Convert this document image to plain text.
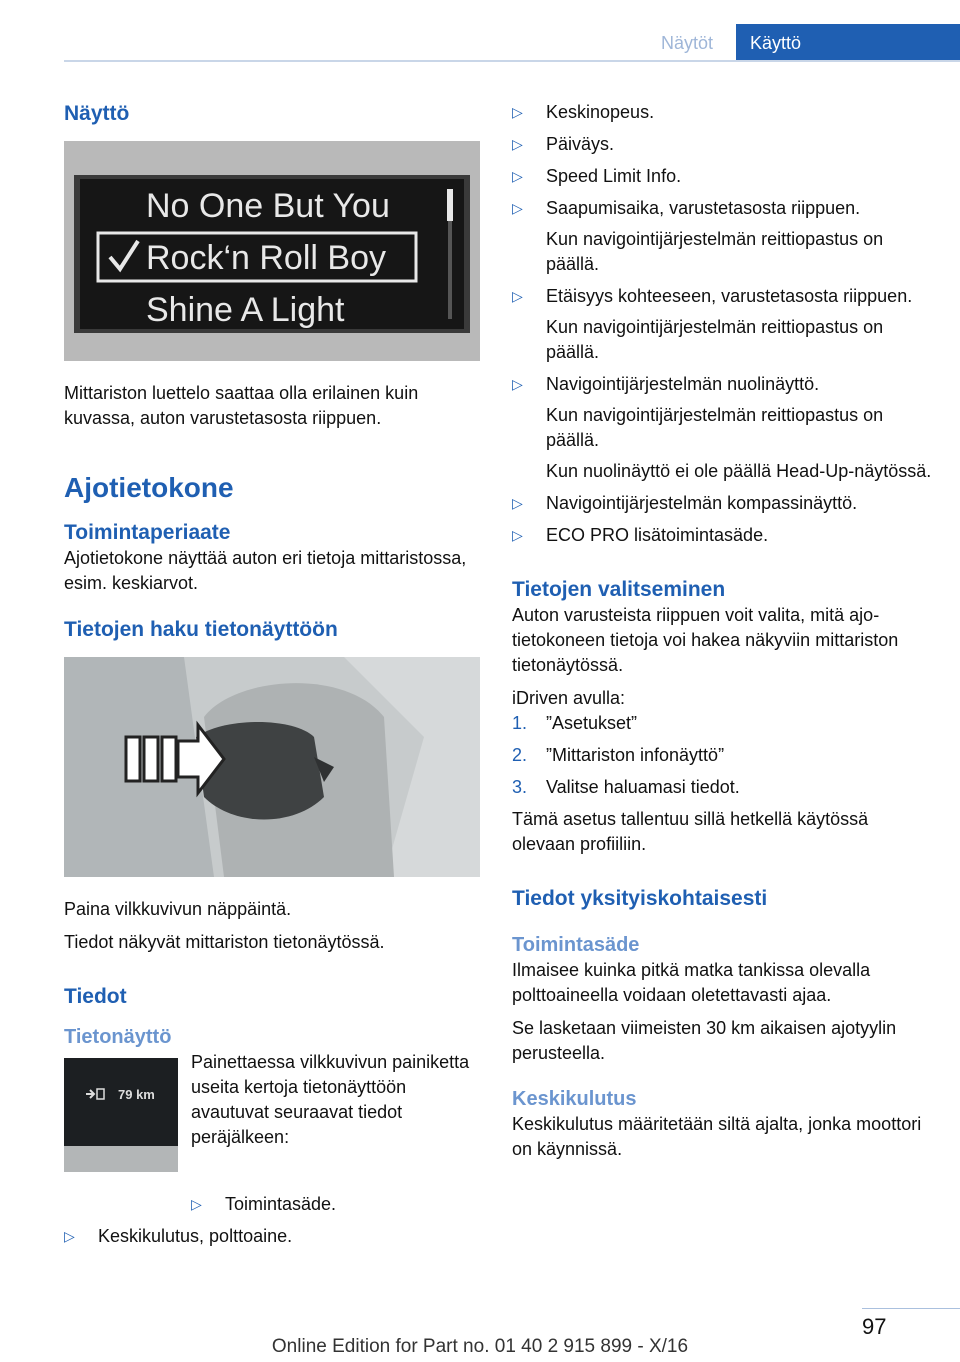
Näytöt	Käyttö
Näyttö
No One But You
Rock‘n Roll Boy
Shine A Light

Mittariston luettelo saattaa olla erilainen kuin kuvassa, auton varustetasosta riippuen.

Ajotietokone
Toimintaperiaate

Ajotietokone näyttää auton eri tietoja mittaristossa, esim. keskiarvot.

Tietojen haku tietonäyttöön

Paina vilkkuvivun näppäintä.

Tiedot näkyvät mittariston tietonäytössä.

Tiedot
Tietonäyttö
79 km

Painettaessa vilkkuvivun painiketta useita kertoja tietonäyttöön avautuvat seuraavat tiedot peräjälkeen:

▷ Toimintasäde.
▷ Keskikulutus, polttoaine.
▷ Keskinopeus.
▷ Päiväys.
▷ Speed Limit Info.
▷ Saapumisaika, varustetasosta riippuen.
Kun navigointijärjestelmän reittiopastus on päällä.
▷ Etäisyys kohteeseen, varustetasosta riippuen.
Kun navigointijärjestelmän reittiopastus on päällä.
▷ Navigointijärjestelmän nuolinäyttö.
Kun navigointijärjestelmän reittiopastus on päällä.
Kun nuolinäyttö ei ole päällä Head-Up-näytössä.
▷ Navigointijärjestelmän kompassinäyttö.
▷ ECO PRO lisätoimintasäde.
Tietojen valitseminen

Auton varusteista riippuen voit valita, mitä ajotietokoneen tietoja voi hakea näkyviin mittariston tietonäytössä.

iDriven avulla:

1. ”Asetukset”
2. ”Mittariston infonäyttö”
3. Valitse haluamasi tiedot.

Tämä asetus tallentuu sillä hetkellä käytössä olevaan profiiliin.

Tiedot yksityiskohtaisesti
Toimintasäde

Ilmaisee kuinka pitkä matka tankissa olevalla polttoaineella voidaan oletettavasti ajaa.

Se lasketaan viimeisten 30 km aikaisen ajotyylin perusteella.

Keskikulutus

Keskikulutus määritetään siltä ajalta, jonka moottori on käynnissä.

97
Online Edition for Part no. 01 40 2 915 899 - X/16
